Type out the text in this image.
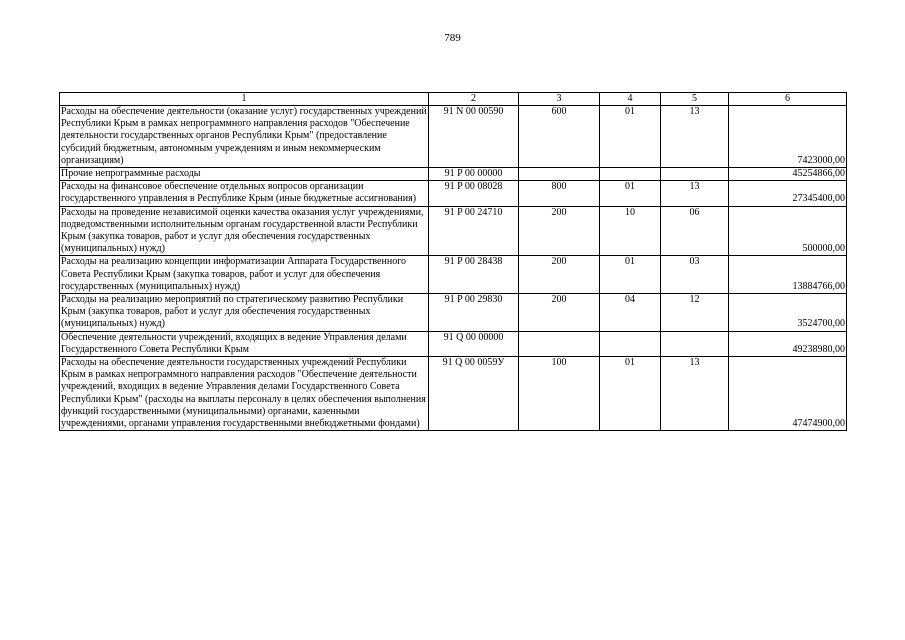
789
1	2	3	4	5	6
Расходы на обеспечение деятельности (оказание услуг) государственных учреждений Республики Крым в рамках непрограммного направления расходов "Обеспечение деятельности государственных органов Республики Крым" (предоставление субсидий бюджетным, автономным учреждениям и иным некоммерческим организациям)	91 N 00 00590	600	01	13	7423000,00
Прочие непрограммные расходы	91 P 00 00000				45254866,00
Расходы на финансовое обеспечение отдельных вопросов организации государственного управления в Республике Крым (иные бюджетные ассигнования)	91 P 00 08028	800	01	13	27345400,00
Расходы на проведение независимой оценки качества оказания услуг учреждениями, подведомственными исполнительным органам государственной власти Республики Крым (закупка товаров, работ и услуг для обеспечения государственных (муниципальных) нужд)	91 P 00 24710	200	10	06	500000,00
Расходы на реализацию концепции информатизации Аппарата Государственного Совета Республики Крым (закупка товаров, работ и услуг для обеспечения государственных (муниципальных) нужд)	91 P 00 28438	200	01	03	13884766,00
Расходы на реализацию мероприятий по стратегическому развитию Республики Крым (закупка товаров, работ и услуг для обеспечения государственных (муниципальных) нужд)	91 P 00 29830	200	04	12	3524700,00
Обеспечение деятельности учреждений, входящих в ведение Управления делами Государственного Совета Республики Крым	91 Q 00 00000				49238980,00
Расходы на обеспечение деятельности государственных учреждений Республики Крым в рамках непрограммного направления расходов "Обеспечение деятельности учреждений, входящих в ведение Управления делами Государственного Совета Республики Крым" (расходы на выплаты персоналу в целях обеспечения выполнения функций государственными (муниципальными) органами, казенными учреждениями, органами управления государственными внебюджетными фондами)	91 Q 00 0059У	100	01	13	47474900,00
